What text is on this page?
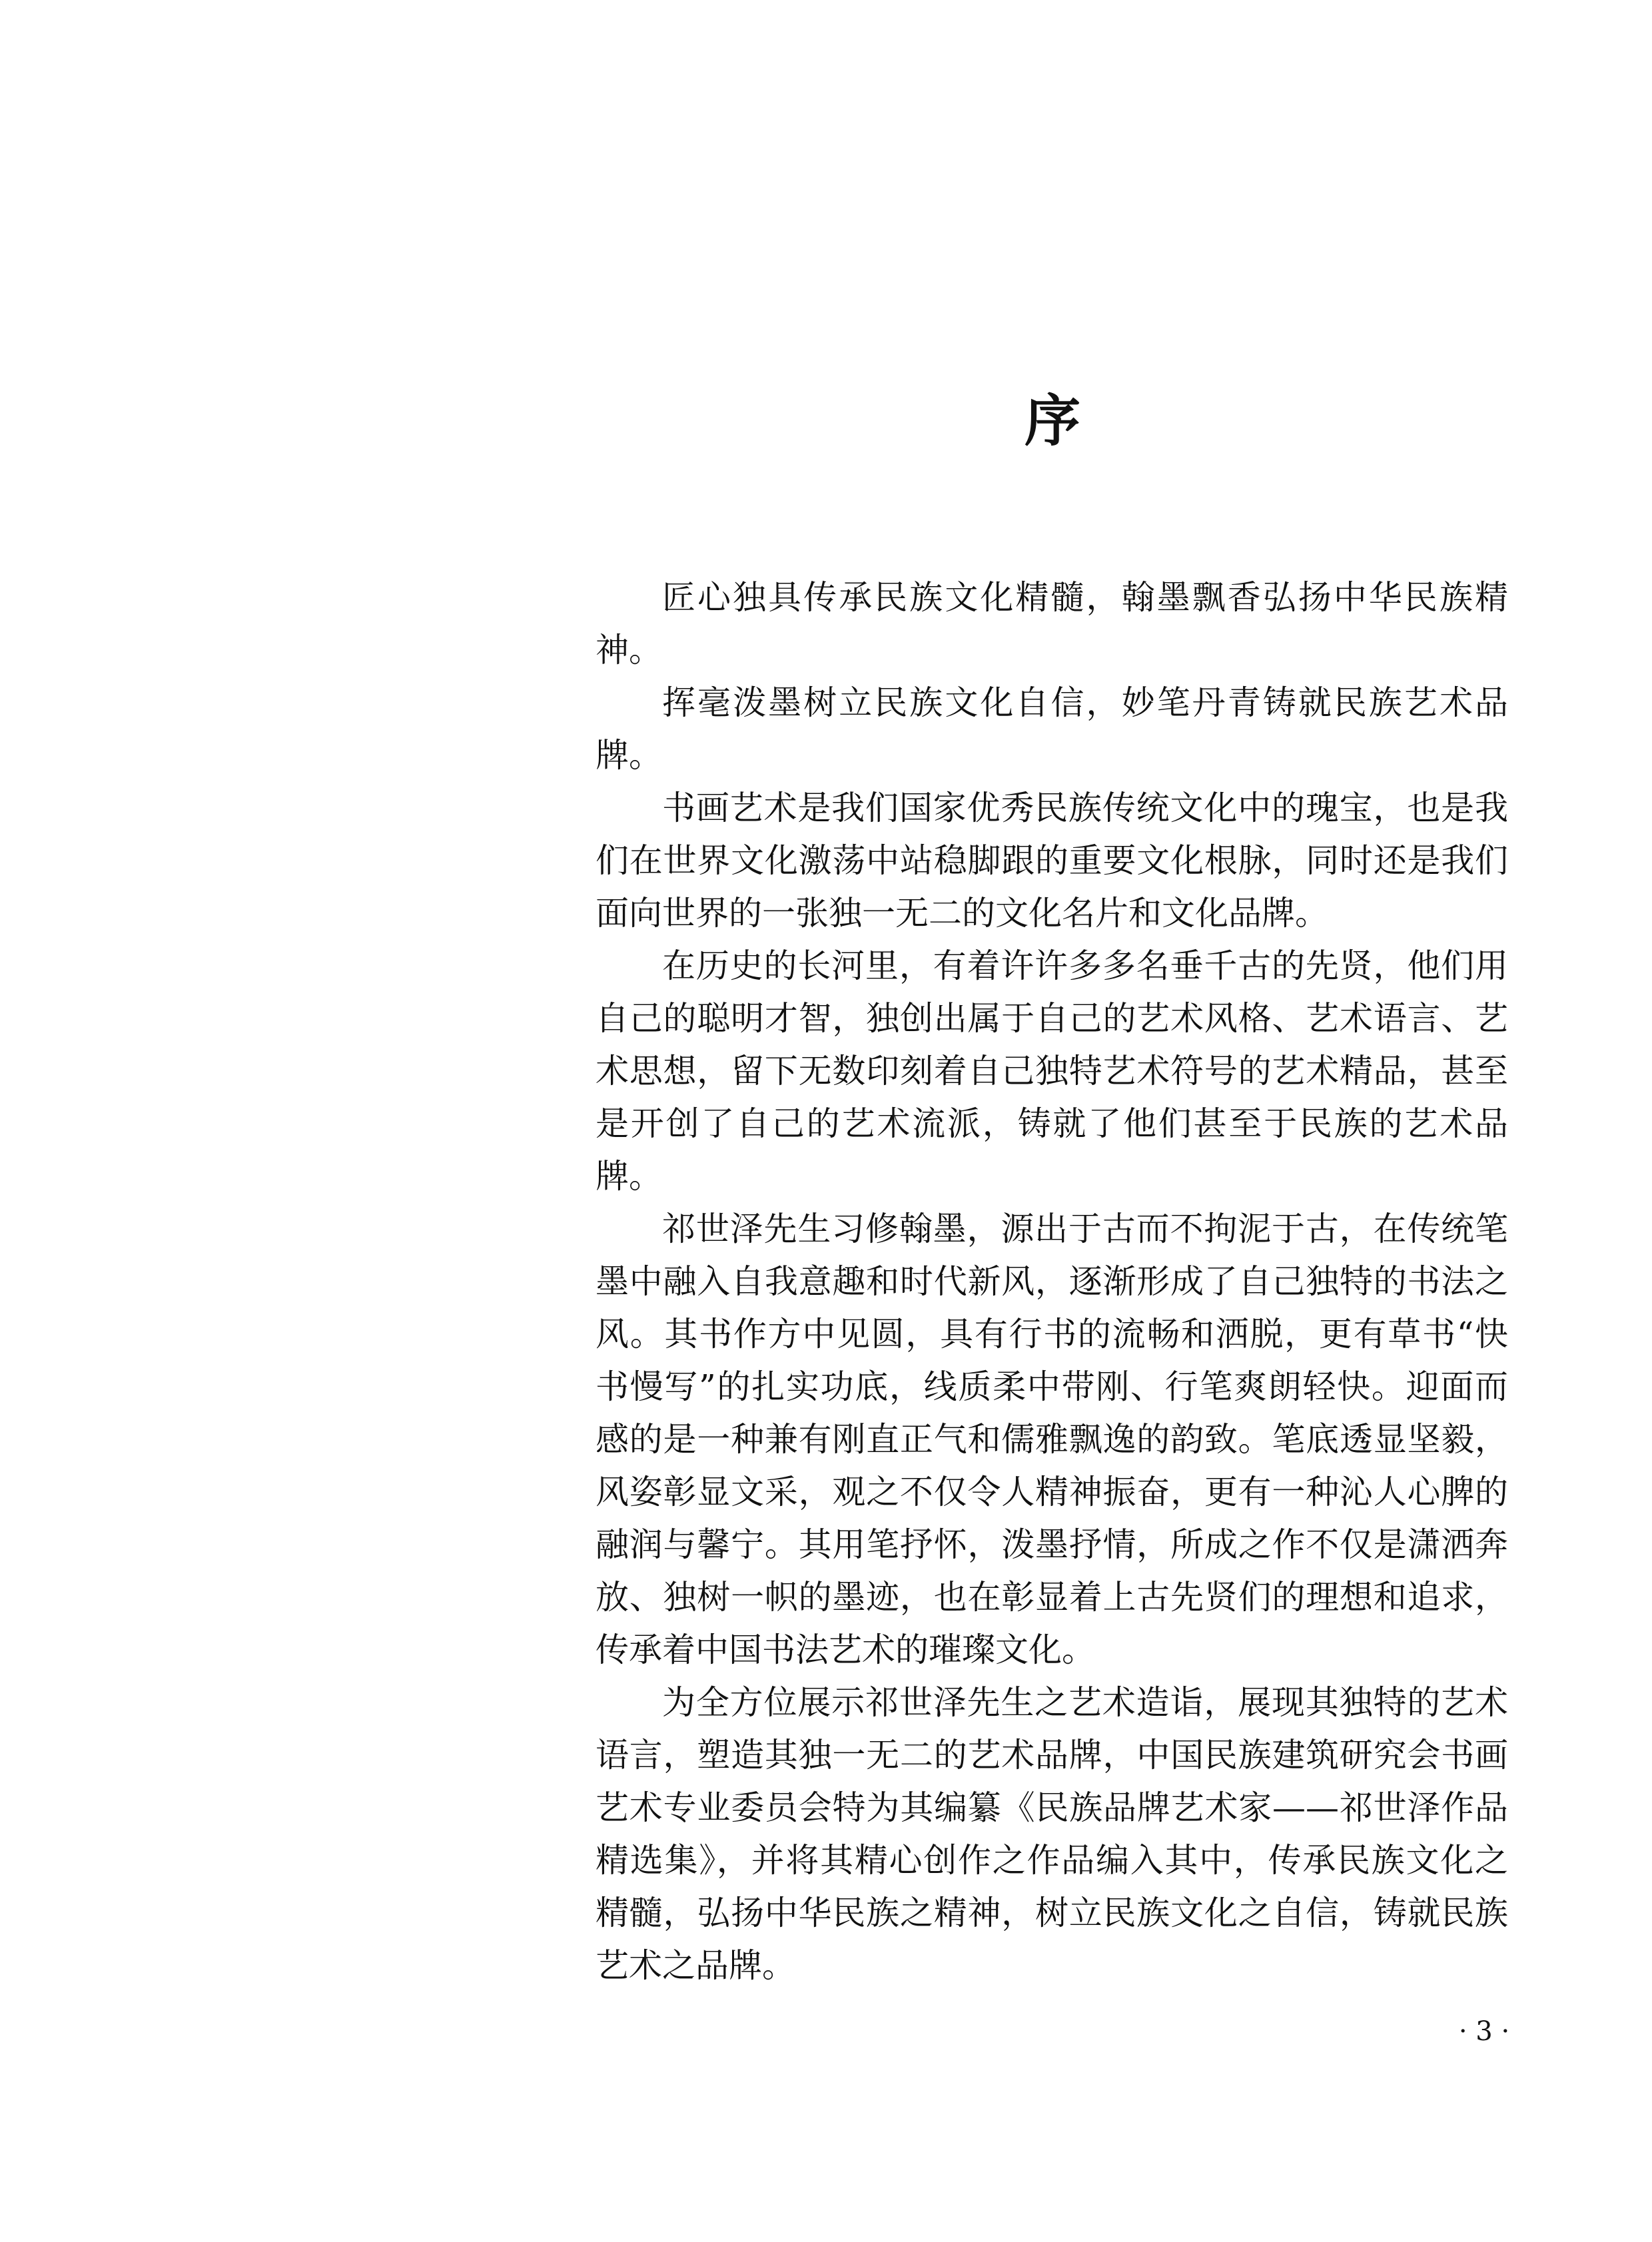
序

匠心独具传承民族文化精髓，翰墨飘香弘扬中华民族精神。

挥毫泼墨树立民族文化自信，妙笔丹青铸就民族艺术品牌。

书画艺术是我们国家优秀民族传统文化中的瑰宝，也是我们在世界文化激荡中站稳脚跟的重要文化根脉，同时还是我们面向世界的一张独一无二的文化名片和文化品牌。

在历史的长河里，有着许许多多名垂千古的先贤，他们用自己的聪明才智，独创出属于自己的艺术风格、艺术语言、艺术思想，留下无数印刻着自己独特艺术符号的艺术精品，甚至是开创了自己的艺术流派，铸就了他们甚至于民族的艺术品牌。

祁世泽先生习修翰墨，源出于古而不拘泥于古，在传统笔墨中融入自我意趣和时代新风，逐渐形成了自己独特的书法之风。其书作方中见圆，具有行书的流畅和洒脱，更有草书“快书慢写”的扎实功底，线质柔中带刚、行笔爽朗轻快。迎面而感的是一种兼有刚直正气和儒雅飘逸的韵致。笔底透显坚毅，风姿彰显文采，观之不仅令人精神振奋，更有一种沁人心脾的融润与馨宁。其用笔抒怀，泼墨抒情，所成之作不仅是潇洒奔放、独树一帜的墨迹，也在彰显着上古先贤们的理想和追求，传承着中国书法艺术的璀璨文化。

为全方位展示祁世泽先生之艺术造诣，展现其独特的艺术语言，塑造其独一无二的艺术品牌，中国民族建筑研究会书画艺术专业委员会特为其编纂《民族品牌艺术家——祁世泽作品精选集》，并将其精心创作之作品编入其中，传承民族文化之精髓，弘扬中华民族之精神，树立民族文化之自信，铸就民族艺术之品牌。

· 3 ·
